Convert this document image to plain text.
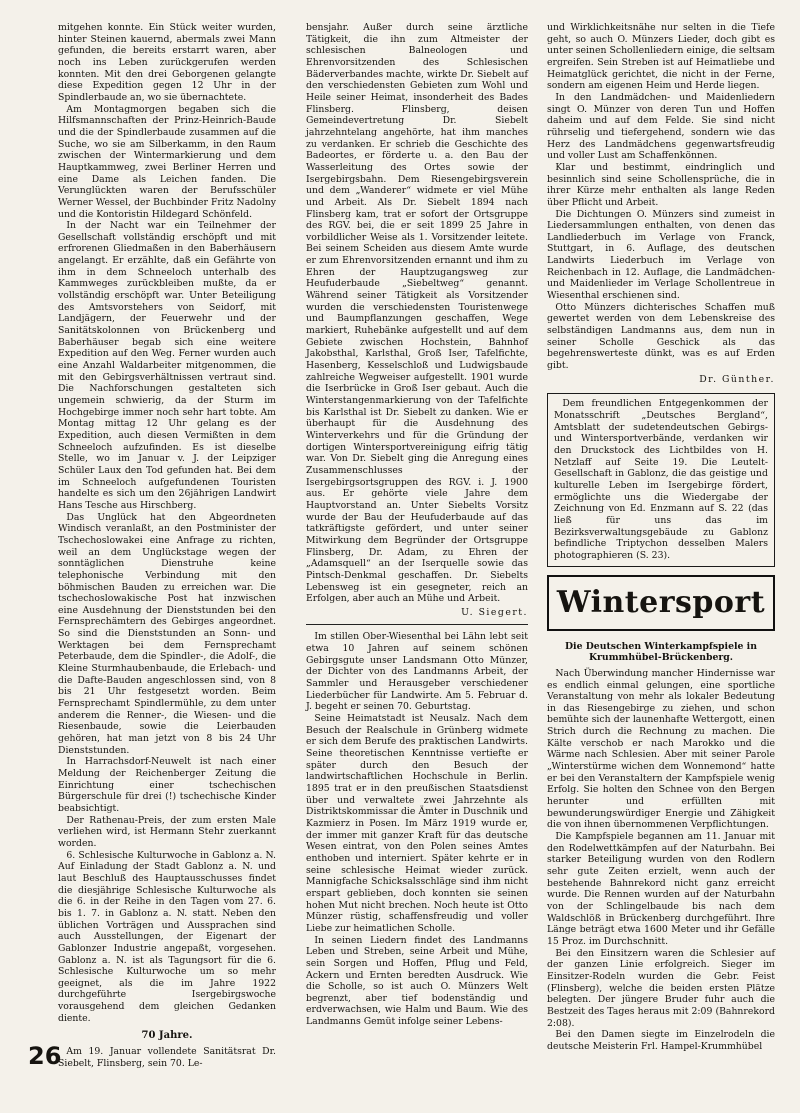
mitgehen konnte. Ein Stück weiter wurden, hinter Steinen kauernd, abermals zwei Mann gefunden, die bereits erstarrt waren, aber noch ins Leben zurückgerufen werden konnten. Mit den drei Geborgenen gelangte diese Expedition gegen 12 Uhr in der Spindlerbaude an, wo sie übernachtete.

Am Montagmorgen begaben sich die Hilfsmannschaften der Prinz-Heinrich-Baude und die der Spindlerbaude zusammen auf die Suche, wo sie am Silberkamm, in den Raum zwischen der Wintermarkierung und dem Hauptkammweg, zwei Berliner Herren und eine Dame als Leichen fanden. Die Verunglückten waren der Berufsschüler Werner Wessel, der Buchbinder Fritz Nadolny und die Kontoristin Hildegard Schönfeld.

In der Nacht war ein Teilnehmer der Gesellschaft vollständig erschöpft und mit erfrorenen Gliedmaßen in den Baberhäusern angelangt. Er erzählte, daß ein Gefährte von ihm in dem Schneeloch unterhalb des Kammweges zurückbleiben mußte, da er vollständig erschöpft war. Unter Beteiligung des Amtsvorstehers von Seidorf, mit Landjägern, der Feuerwehr und der Sanitätskolonnen von Brückenberg und Baberhäuser begab sich eine weitere Expedition auf den Weg. Ferner wurden auch eine Anzahl Waldarbeiter mitgenommen, die mit den Gebirgsverhältnissen vertraut sind. Die Nachforschungen gestalteten sich ungemein schwierig, da der Sturm im Hochgebirge immer noch sehr hart tobte. Am Montag mittag 12 Uhr gelang es der Expedition, auch diesen Vermißten in dem Schneeloch aufzufinden. Es ist dieselbe Stelle, wo im Januar v. J. der Leipziger Schüler Laux den Tod gefunden hat. Bei dem im Schneeloch aufgefundenen Touristen handelte es sich um den 26jährigen Landwirt Hans Tesche aus Hirschberg.

Das Unglück hat den Abgeordneten Windisch veranlaßt, an den Postminister der Tschechoslowakei eine Anfrage zu richten, weil an dem Unglückstage wegen der sonntäglichen Dienstruhe keine telephonische Verbindung mit den böhmischen Bauden zu erreichen war. Die tschechoslowakische Post hat inzwischen eine Ausdehnung der Dienststunden bei den Fernsprechämtern des Gebirges angeordnet. So sind die Dienststunden an Sonn- und Werktagen bei dem Fernsprechamt Peterbaude, dem die Spindler-, die Adolf-, die Kleine Sturmhaubenbaude, die Erlebach- und die Dafte-Bauden angeschlossen sind, von 8 bis 21 Uhr festgesetzt worden. Beim Fernsprechamt Spindlermühle, zu dem unter anderem die Renner-, die Wiesen- und die Riesenbaude, sowie die Leierbauden gehören, hat man jetzt von 8 bis 24 Uhr Dienststunden.

In Harrachsdorf-Neuwelt ist nach einer Meldung der Reichenberger Zeitung die Einrichtung einer tschechischen Bürgerschule für drei (!) tschechische Kinder beabsichtigt.

Der Rathenau-Preis, der zum ersten Male verliehen wird, ist Hermann Stehr zuerkannt worden.

6. Schlesische Kulturwoche in Gablonz a. N. Auf Einladung der Stadt Gablonz a. N. und laut Beschluß des Hauptausschusses findet die diesjährige Schlesische Kulturwoche als die 6. in der Reihe in den Tagen vom 27. 6. bis 1. 7. in Gablonz a. N. statt. Neben den üblichen Vorträgen und Aussprachen sind auch Ausstellungen, der Eigenart der Gablonzer Industrie angepaßt, vorgesehen. Gablonz a. N. ist als Tagungsort für die 6. Schlesische Kulturwoche um so mehr geeignet, als die im Jahre 1922 durchgeführte Isergebirgswoche vorausgehend dem gleichen Gedanken diente.

70 Jahre.

Am 19. Januar vollendete Sanitätsrat Dr. Siebelt, Flinsberg, sein 70. Le-

bensjahr. Außer durch seine ärztliche Tätigkeit, die ihn zum Altmeister der schlesischen Balneologen und Ehrenvorsitzenden des Schlesischen Bäderverbandes machte, wirkte Dr. Siebelt auf den verschiedensten Gebieten zum Wohl und Heile seiner Heimat, insonderheit des Bades Flinsberg. Flinsberg, deisen Gemeindevertretung Dr. Siebelt jahrzehntelang angehörte, hat ihm manches zu verdanken. Er schrieb die Geschichte des Badeortes, er förderte u. a. den Bau der Wasserleitung des Ortes sowie der Isergebirgsbahn. Dem Riesengebirgsverein und dem „Wanderer“ widmete er viel Mühe und Arbeit. Als Dr. Siebelt 1894 nach Flinsberg kam, trat er sofort der Ortsgruppe des RGV. bei, die er seit 1899 25 Jahre in vorbildlicher Weise als 1. Vorsitzender leitete. Bei seinem Scheiden aus diesem Amte wurde er zum Ehrenvorsitzenden ernannt und ihm zu Ehren der Hauptzugangsweg zur Heufuderbaude „Siebeltweg“ genannt. Während seiner Tätigkeit als Vorsitzender wurden die verschiedensten Touristenwege und Baumpflanzungen geschaffen, Wege markiert, Ruhebänke aufgestellt und auf dem Gebiete zwischen Hochstein, Bahnhof Jakobsthal, Karlsthal, Groß Iser, Tafelfichte, Hasenberg, Kesselschloß und Ludwigsbaude zahlreiche Wegweiser aufgestellt. 1901 wurde die Iserbrücke in Groß Iser gebaut. Auch die Winterstangenmarkierung von der Tafelfichte bis Karlsthal ist Dr. Siebelt zu danken. Wie er überhaupt für die Ausdehnung des Winterverkehrs und für die Gründung der dortigen Wintersportvereinigung eifrig tätig war. Von Dr. Siebelt ging die Anregung eines Zusammenschlusses der Isergebirgsortsgruppen des RGV. i. J. 1900 aus. Er gehörte viele Jahre dem Hauptvorstand an. Unter Siebelts Vorsitz wurde der Bau der Heufuderbaude auf das tatkräftigste gefördert, und unter seiner Mitwirkung dem Begründer der Ortsgruppe Flinsberg, Dr. Adam, zu Ehren der „Adamsquell“ an der Iserquelle sowie das Pintsch-Denkmal geschaffen. Dr. Siebelts Lebensweg ist ein gesegneter, reich an Erfolgen, aber auch an Mühe und Arbeit.

U. Siegert.

Im stillen Ober-Wiesenthal bei Lähn lebt seit etwa 10 Jahren auf seinem schönen Gebirgsgute unser Landsmann Otto Münzer, der Dichter von des Landmanns Arbeit, der Sammler und Herausgeber verschiedener Liederbücher für Landwirte. Am 5. Februar d. J. begeht er seinen 70. Geburtstag.

Seine Heimatstadt ist Neusalz. Nach dem Besuch der Realschule in Grünberg widmete er sich dem Berufe des praktischen Landwirts. Seine theoretischen Kenntnisse vertiefte er später durch den Besuch der landwirtschaftlichen Hochschule in Berlin. 1895 trat er in den preußischen Staatsdienst über und verwaltete zwei Jahrzehnte als Distriktskommissar die Ämter in Duschnik und Kazmierz in Posen. Im März 1919 wurde er, der immer mit ganzer Kraft für das deutsche Wesen eintrat, von den Polen seines Amtes enthoben und interniert. Später kehrte er in seine schlesische Heimat wieder zurück. Mannigfache Schicksalsschläge sind ihm nicht erspart geblieben, doch konnten sie seinen hohen Mut nicht brechen. Noch heute ist Otto Münzer rüstig, schaffensfreudig und voller Liebe zur heimatlichen Scholle.

In seinen Liedern findet des Landmanns Leben und Streben, seine Arbeit und Mühe, sein Sorgen und Hoffen, Pflug und Feld, Ackern und Ernten beredten Ausdruck. Wie die Scholle, so ist auch O. Münzers Welt begrenzt, aber tief bodenständig und erdverwachsen, wie Halm und Baum. Wie des Landmanns Gemüt infolge seiner Lebens-

und Wirklichkeitsnähe nur selten in die Tiefe geht, so auch O. Münzers Lieder, doch gibt es unter seinen Schollenliedern einige, die seltsam ergreifen. Sein Streben ist auf Heimatliebe und Heimatglück gerichtet, die nicht in der Ferne, sondern am eigenen Heim und Herde liegen.

In den Landmädchen- und Maidenliedern singt O. Münzer von deren Tun und Hoffen daheim und auf dem Felde. Sie sind nicht rührselig und tiefergehend, sondern wie das Herz des Landmädchens gegenwartsfreudig und voller Lust am Schaffenkönnen.

Klar und bestimmt, eindringlich und besinnlich sind seine Schollensprüche, die in ihrer Kürze mehr enthalten als lange Reden über Pflicht und Arbeit.

Die Dichtungen O. Münzers sind zumeist in Liedersammlungen enthalten, von denen das Landliederbuch im Verlage von Franck, Stuttgart, in 6. Auflage, des deutschen Landwirts Liederbuch im Verlage von Reichenbach in 12. Auflage, die Landmädchen- und Maidenlieder im Verlage Schollentreue in Wiesenthal erschienen sind.

Otto Münzers dichterisches Schaffen muß gewertet werden von dem Lebenskreise des selbständigen Landmanns aus, dem nun in seiner Scholle Geschick als das begehrenswerteste dünkt, was es auf Erden gibt.

Dr. Günther.

Dem freundlichen Entgegenkommen der Monatsschrift „Deutsches Bergland“, Amtsblatt der sudetendeutschen Gebirgs- und Wintersportverbände, verdanken wir den Druckstock des Lichtbildes von H. Netzlaff auf Seite 19. Die Leutelt-Gesellschaft in Gablonz, die das geistige und kulturelle Leben im Isergebirge fördert, ermöglichte uns die Wiedergabe der Zeichnung von Ed. Enzmann auf S. 22 (das ließ für uns das im Bezirksverwaltungsgebäude zu Gablonz befindliche Triptychon desselben Malers photographieren (S. 23).

Wintersport
Die Deutschen Winterkampfspiele in Krummhübel-Brückenberg.

Nach Überwindung mancher Hindernisse war es endlich einmal gelungen, eine sportliche Veranstaltung von mehr als lokaler Bedeutung in das Riesengebirge zu ziehen, und schon bemühte sich der launenhafte Wettergott, einen Strich durch die Rechnung zu machen. Die Kälte verschob er nach Marokko und die Wärme nach Schlesien. Aber mit seiner Parole „Winterstürme wichen dem Wonnemond“ hatte er bei den Veranstaltern der Kampfspiele wenig Erfolg. Sie holten den Schnee von den Bergen herunter und erfüllten mit bewunderungswürdiger Energie und Zähigkeit die von ihnen übernommenen Verpflichtungen.

Die Kampfspiele begannen am 11. Januar mit den Rodelwettkämpfen auf der Naturbahn. Bei starker Beteiligung wurden von den Rodlern sehr gute Zeiten erzielt, wenn auch der bestehende Bahnrekord nicht ganz erreicht wurde. Die Rennen wurden auf der Naturbahn von der Schlingelbaude bis nach dem Waldschlöß in Brückenberg durchgeführt. Ihre Länge beträgt etwa 1600 Meter und ihr Gefälle 15 Proz. im Durchschnitt.

Bei den Einsitzern waren die Schlesier auf der ganzen Linie erfolgreich. Sieger im Einsitzer-Rodeln wurden die Gebr. Feist (Flinsberg), welche die beiden ersten Plätze belegten. Der jüngere Bruder fuhr auch die Bestzeit des Tages heraus mit 2:09 (Bahnrekord 2:08).

Bei den Damen siegte im Einzelrodeln die deutsche Meisterin Frl. Hampel-Krummhübel

26
